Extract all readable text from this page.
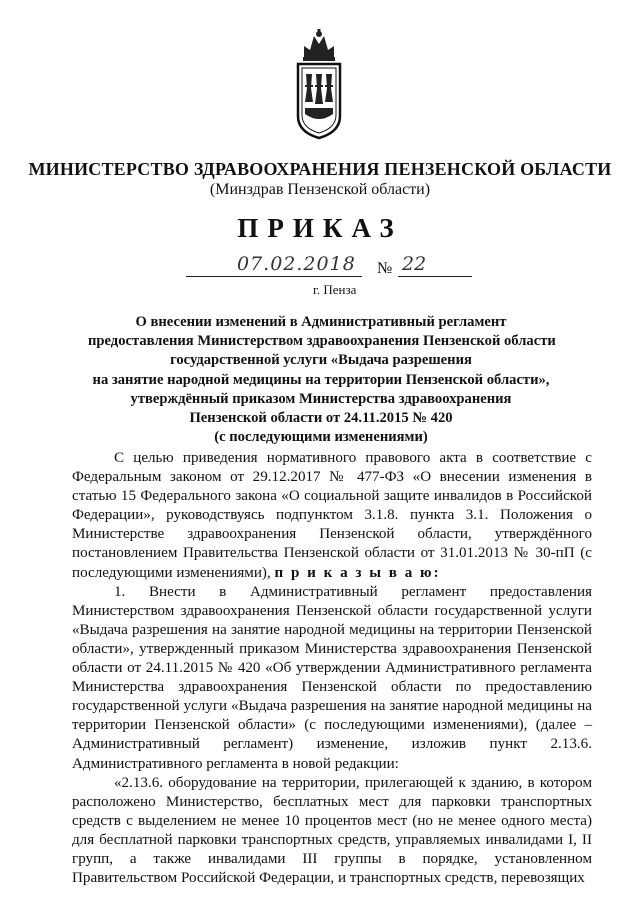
МИНИСТЕРСТВО ЗДРАВООХРАНЕНИЯ ПЕНЗЕНСКОЙ ОБЛАСТИ
(Минздрав Пензенской области)
ПРИКАЗ
07.02.2018 № 22
г. Пенза
О внесении изменений в Административный регламент
предоставления Министерством здравоохранения Пензенской области
государственной услуги «Выдача разрешения
на занятие народной медицины на территории Пензенской области»,
утверждённый приказом Министерства здравоохранения
Пензенской области от 24.11.2015 № 420
(с последующими изменениями)
С целью приведения нормативного правового акта в соответствие с Федеральным законом от 29.12.2017 № 477-ФЗ «О внесении изменения в статью 15 Федерального закона «О социальной защите инвалидов в Российской Федерации», руководствуясь подпунктом 3.1.8. пункта 3.1. Положения о Министерстве здравоохранения Пензенской области, утверждённого постановлением Правительства Пензенской области от 31.01.2013 № 30-пП (с последующими изменениями), п р и к а з ы в а ю:
1. Внести в Административный регламент предоставления Министерством здравоохранения Пензенской области государственной услуги «Выдача разрешения на занятие народной медицины на территории Пензенской области», утвержденный приказом Министерства здравоохранения Пензенской области от 24.11.2015 № 420 «Об утверждении Административного регламента Министерства здравоохранения Пензенской области по предоставлению государственной услуги «Выдача разрешения на занятие народной медицины на территории Пензенской области» (с последующими изменениями), (далее – Административный регламент) изменение, изложив пункт 2.13.6. Административного регламента в новой редакции:
«2.13.6. оборудование на территории, прилегающей к зданию, в котором расположено Министерство, бесплатных мест для парковки транспортных средств с выделением не менее 10 процентов мест (но не менее одного места) для бесплатной парковки транспортных средств, управляемых инвалидами I, II групп, а также инвалидами III группы в порядке, установленном Правительством Российской Федерации, и транспортных средств, перевозящих
